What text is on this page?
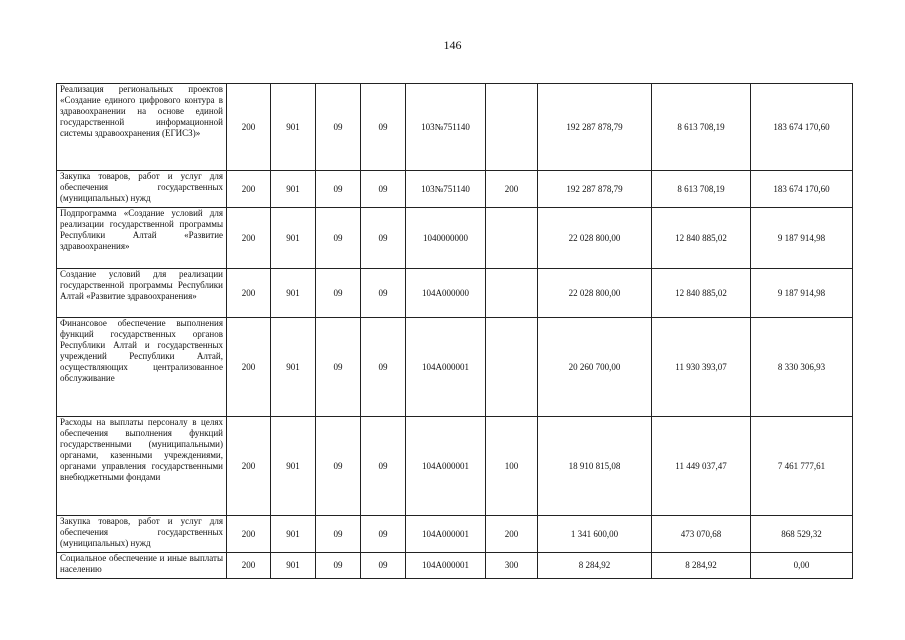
146
Реализация региональных проектов «Создание единого цифрового контура в здравоохранении на основе единой государственной информационной системы здравоохранения (ЕГИСЗ)»	200	901	09	09	103№751140		192 287 878,79	8 613 708,19	183 674 170,60
Закупка товаров, работ и услуг для обеспечения государственных (муниципальных) нужд	200	901	09	09	103№751140	200	192 287 878,79	8 613 708,19	183 674 170,60
Подпрограмма «Создание условий для реализации государственной программы Республики Алтай «Развитие здравоохранения»	200	901	09	09	1040000000		22 028 800,00	12 840 885,02	9 187 914,98
Создание условий для реализации государственной программы Республики Алтай «Развитие здравоохранения»	200	901	09	09	104А000000		22 028 800,00	12 840 885,02	9 187 914,98
Финансовое обеспечение выполнения функций государственных органов Республики Алтай и государственных учреждений Республики Алтай, осуществляющих централизованное обслуживание	200	901	09	09	104А000001		20 260 700,00	11 930 393,07	8 330 306,93
Расходы на выплаты персоналу в целях обеспечения выполнения функций государственными (муниципальными) органами, казенными учреждениями, органами управления государственными внебюджетными фондами	200	901	09	09	104А000001	100	18 910 815,08	11 449 037,47	7 461 777,61
Закупка товаров, работ и услуг для обеспечения государственных (муниципальных) нужд	200	901	09	09	104А000001	200	1 341 600,00	473 070,68	868 529,32
Социальное обеспечение и иные выплаты населению	200	901	09	09	104А000001	300	8 284,92	8 284,92	0,00
